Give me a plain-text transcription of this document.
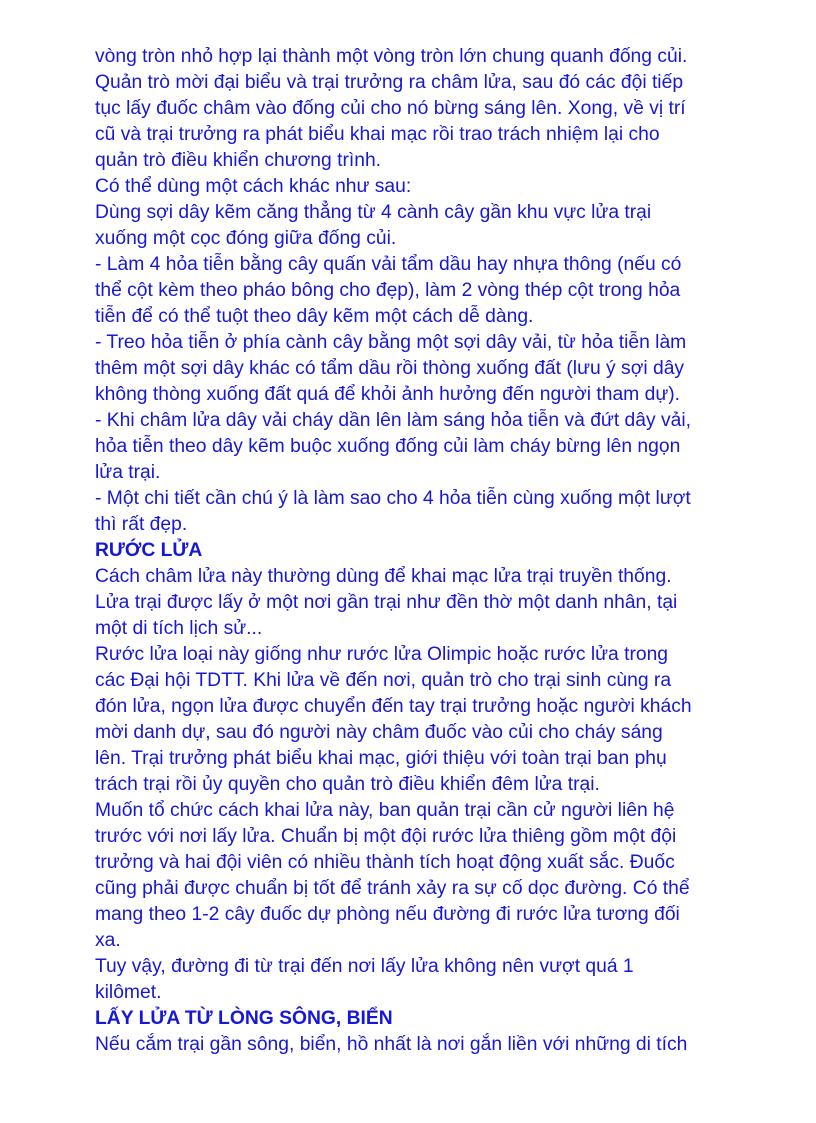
vòng tròn nhỏ hợp lại thành một vòng tròn lớn chung quanh đống củi.
Quản trò mời đại biểu và trại trưởng ra châm lửa, sau đó các đội tiếp
tục lấy đuốc châm vào đống củi cho nó bừng sáng lên. Xong, về vị trí
cũ và trại trưởng ra phát biểu khai mạc rồi trao trách nhiệm lại cho
quản trò điều khiển chương trình.
Có thể dùng một cách khác như sau:
Dùng sợi dây kẽm căng thẳng từ 4 cành cây gần khu vực lửa trại
xuống một cọc đóng giữa đống củi.
- Làm 4 hỏa tiễn bằng cây quấn vải tẩm dầu hay nhựa thông (nếu có
thể cột kèm theo pháo bông cho đẹp), làm 2 vòng thép cột trong hỏa
tiễn để có thể tuột theo dây kẽm một cách dễ dàng.
- Treo hỏa tiễn ở phía cành cây bằng một sợi dây vải, từ hỏa tiễn làm
thêm một sợi dây khác có tẩm dầu rồi thòng xuống đất (lưu ý sợi dây
không thòng xuống đất quá để khỏi ảnh hưởng đến người tham dự).
- Khi châm lửa dây vải cháy dần lên làm sáng hỏa tiễn và đứt dây vải,
hỏa tiễn theo dây kẽm buộc xuống đống củi làm cháy bừng lên ngọn
lửa trại.
- Một chi tiết cần chú ý là làm sao cho 4 hỏa tiễn cùng xuống một lượt
thì rất đẹp.
RƯỚC LỬA
Cách châm lửa này thường dùng để khai mạc lửa trại truyền thống.
Lửa trại được lấy ở một nơi gần trại như đền thờ một danh nhân, tại
một di tích lịch sử...
Rước lửa loại này giống như rước lửa Olimpic hoặc rước lửa trong
các Đại hội TDTT. Khi lửa về đến nơi, quản trò cho trại sinh cùng ra
đón lửa, ngọn lửa được chuyển đến tay trại trưởng hoặc người khách
mời danh dự, sau đó người này châm đuốc vào củi cho cháy sáng
lên. Trại trưởng phát biểu khai mạc, giới thiệu với toàn trại ban phụ
trách trại rồi ủy quyền cho quản trò điều khiển đêm lửa trại.
Muốn tổ chức cách khai lửa này, ban quản trại cần cử người liên hệ
trước với nơi lấy lửa. Chuẩn bị một đội rước lửa thiêng gồm một đội
trưởng và hai đội viên có nhiều thành tích hoạt động xuất sắc. Đuốc
cũng phải được chuẩn bị tốt để tránh xảy ra sự cố dọc đường. Có thể
mang theo 1-2 cây đuốc dự phòng nếu đường đi rước lửa tương đối
xa.
Tuy vậy, đường đi từ trại đến nơi lấy lửa không nên vượt quá 1
kilômet.
LẤY LỬA TỪ LÒNG SÔNG, BIỂN
Nếu cắm trại gần sông, biển, hồ nhất là nơi gắn liền với những di tích
